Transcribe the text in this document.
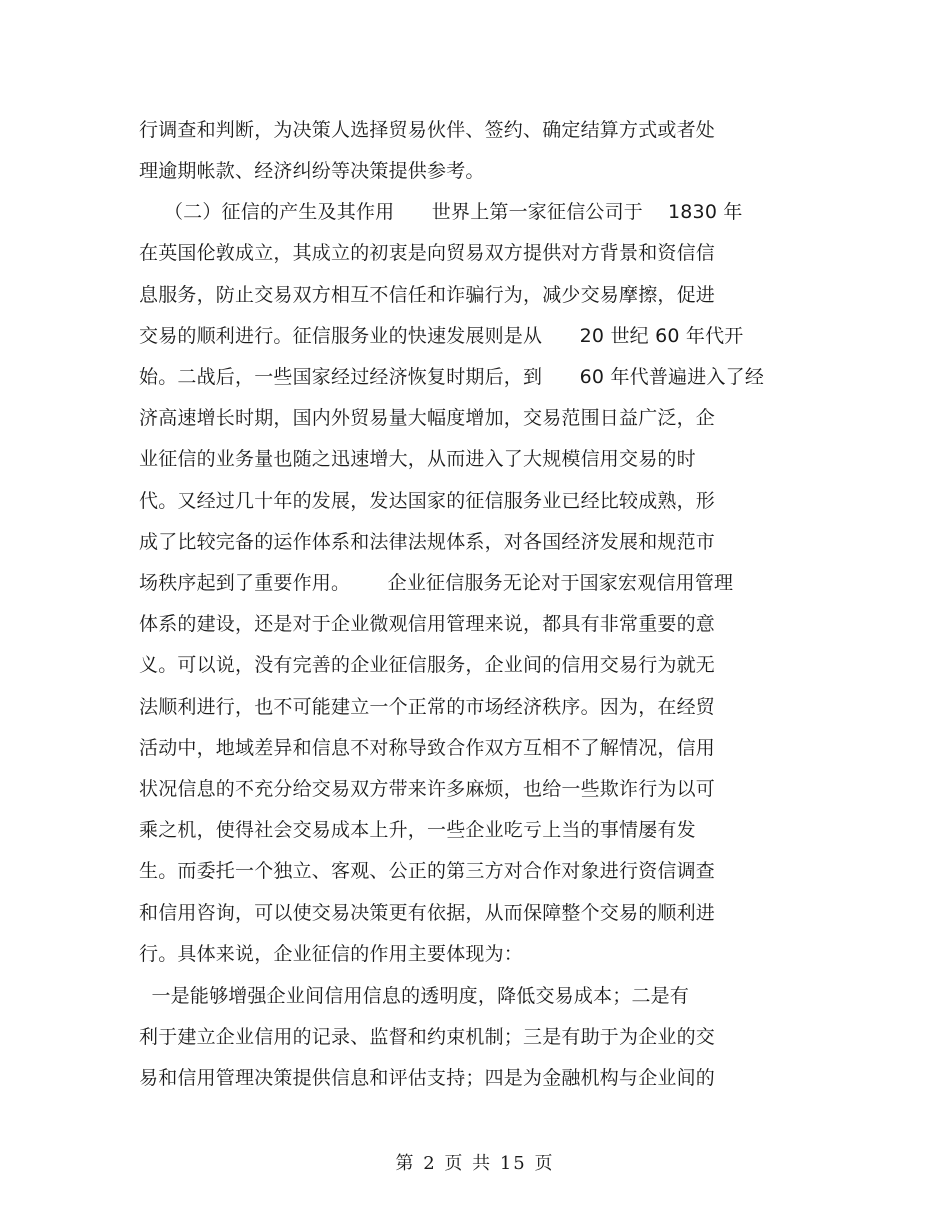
行调查和判断，为决策人选择贸易伙伴、签约、确定结算方式或者处
理逾期帐款、经济纠纷等决策提供参考。
（二）征信的产生及其作用      世界上第一家征信公司于    1830 年
在英国伦敦成立，其成立的初衷是向贸易双方提供对方背景和资信信
息服务，防止交易双方相互不信任和诈骗行为，减少交易摩擦，促进
交易的顺利进行。征信服务业的快速发展则是从      20 世纪 60 年代开
始。二战后，一些国家经过经济恢复时期后，到      60 年代普遍进入了经
济高速增长时期，国内外贸易量大幅度增加，交易范围日益广泛，企
业征信的业务量也随之迅速增大，从而进入了大规模信用交易的时
代。又经过几十年的发展，发达国家的征信服务业已经比较成熟，形
成了比较完备的运作体系和法律法规体系，对各国经济发展和规范市
场秩序起到了重要作用。      企业征信服务无论对于国家宏观信用管理
体系的建设，还是对于企业微观信用管理来说，都具有非常重要的意
义。可以说，没有完善的企业征信服务，企业间的信用交易行为就无
法顺利进行，也不可能建立一个正常的市场经济秩序。因为，在经贸
活动中，地域差异和信息不对称导致合作双方互相不了解情况，信用
状况信息的不充分给交易双方带来许多麻烦，也给一些欺诈行为以可
乘之机，使得社会交易成本上升，一些企业吃亏上当的事情屡有发
生。而委托一个独立、客观、公正的第三方对合作对象进行资信调查
和信用咨询，可以使交易决策更有依据，从而保障整个交易的顺利进
行。具体来说，企业征信的作用主要体现为：
一是能够增强企业间信用信息的透明度，降低交易成本；二是有
利于建立企业信用的记录、监督和约束机制；三是有助于为企业的交
易和信用管理决策提供信息和评估支持；四是为金融机构与企业间的
第 2 页 共 15 页
